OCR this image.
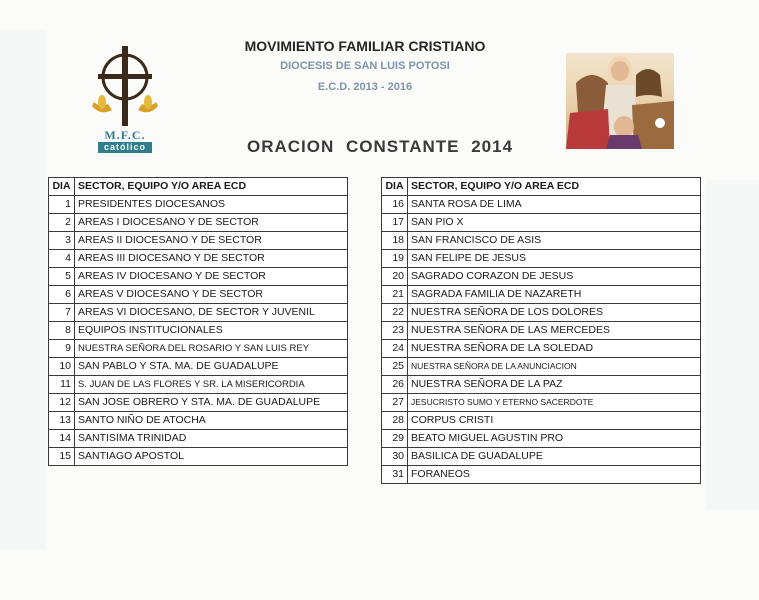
M.F.C.
católico
MOVIMIENTO FAMILIAR CRISTIANO
DIOCESIS DE SAN LUIS POTOSI
E.C.D. 2013 - 2016
ORACION CONSTANTE 2014
DIA	SECTOR, EQUIPO Y/O AREA ECD
1	PRESIDENTES DIOCESANOS
2	AREAS I DIOCESANO Y DE SECTOR
3	AREAS II DIOCESANO Y DE SECTOR
4	AREAS III DIOCESANO Y DE SECTOR
5	AREAS IV DIOCESANO Y DE SECTOR
6	AREAS V DIOCESANO Y DE SECTOR
7	AREAS VI DIOCESANO, DE SECTOR Y JUVENIL
8	EQUIPOS INSTITUCIONALES
9	NUESTRA SEÑORA DEL ROSARIO Y SAN LUIS REY
10	SAN PABLO Y STA. MA. DE GUADALUPE
11	S. JUAN DE LAS FLORES Y SR. LA MISERICORDIA
12	SAN JOSE OBRERO Y STA. MA. DE GUADALUPE
13	SANTO NIÑO DE ATOCHA
14	SANTISIMA TRINIDAD
15	SANTIAGO APOSTOL
DIA	SECTOR, EQUIPO Y/O AREA ECD
16	SANTA ROSA DE LIMA
17	SAN PIO X
18	SAN FRANCISCO DE ASIS
19	SAN FELIPE DE JESUS
20	SAGRADO CORAZON DE JESUS
21	SAGRADA FAMILIA DE NAZARETH
22	NUESTRA SEÑORA DE LOS DOLORES
23	NUESTRA SEÑORA DE LAS MERCEDES
24	NUESTRA SEÑORA DE LA SOLEDAD
25	NUESTRA SEÑORA DE LA ANUNCIACION
26	NUESTRA SEÑORA DE LA PAZ
27	JESUCRISTO SUMO Y ETERNO SACERDOTE
28	CORPUS CRISTI
29	BEATO MIGUEL AGUSTIN PRO
30	BASILICA DE GUADALUPE
31	FORANEOS
